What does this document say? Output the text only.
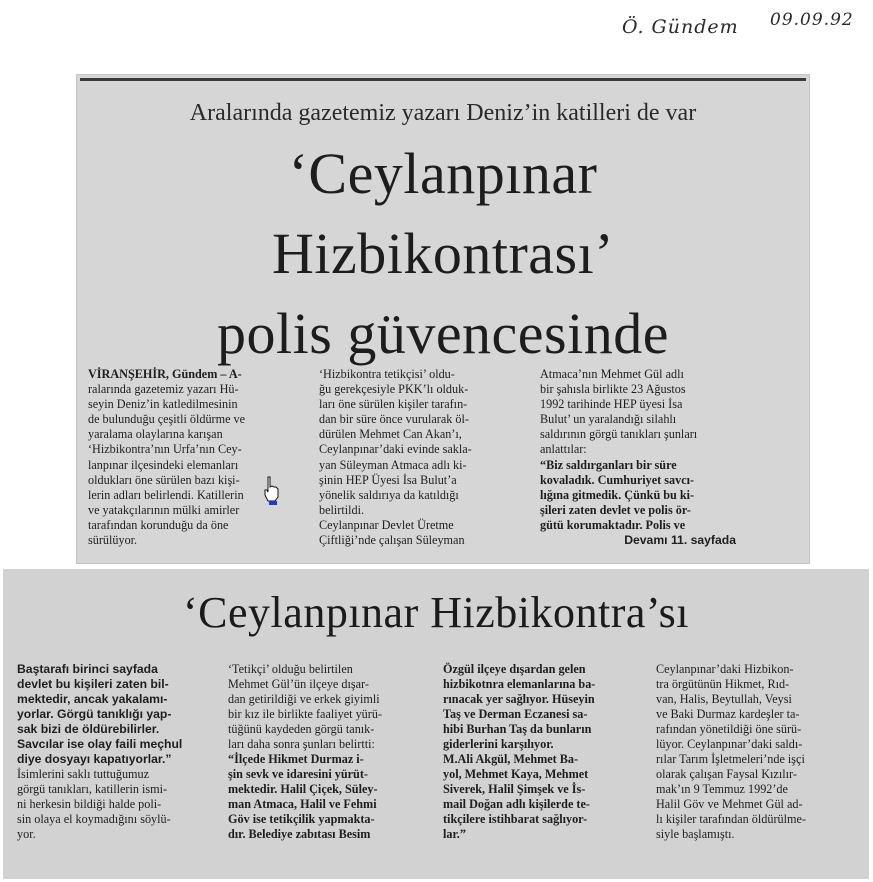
Ö. Gündem 09.09.92
Aralarında gazetemiz yazarı Deniz’in katilleri de var
‘Ceylanpınar
Hizbikontrası’
polis güvencesinde
VİRANŞEHİR, Gündem – A-
ralarında gazetemiz yazarı Hü-
seyin Deniz’in katledilmesinin
de bulunduğu çeşitli öldürme ve
yaralama olaylarına karışan
‘Hizbikontra’nın Urfa’nın Cey-
lanpınar ilçesindeki elemanları
oldukları öne sürülen bazı kişi-
lerin adları belirlendi. Katillerin
ve yatakçılarının mülki amirler
tarafından korunduğu da öne
sürülüyor.
‘Hizbikontra tetikçisi’ oldu-
ğu gerekçesiyle PKK’lı olduk-
ları öne sürülen kişiler tarafın-
dan bir süre önce vurularak öl-
dürülen Mehmet Can Akan’ı,
Ceylanpınar’daki evinde sakla-
yan Süleyman Atmaca adlı ki-
şinin HEP Üyesi İsa Bulut’a
yönelik saldırıya da katıldığı
belirtildi.
Ceylanpınar Devlet Üretme
Çiftliği’nde çalışan Süleyman
Atmaca’nın Mehmet Gül adlı
bir şahısla birlikte 23 Ağustos
1992 tarihinde HEP üyesi İsa
Bulut’ un yaralandığı silahlı
saldırının görgü tanıkları şunları
anlattılar:
“Biz saldırganları bir süre
kovaladık. Cumhuriyet savcı-
lığına gitmedik. Çünkü bu ki-
şileri zaten devlet ve polis ör-
gütü korumaktadır. Polis ve
Devamı 11. sayfada
‘Ceylanpınar Hizbikontra’sı
Baştarafı birinci sayfada
devlet bu kişileri zaten bil-
mektedir, ancak yakalamı-
yorlar. Görgü tanıklığı yap-
sak bizi de öldürebilirler.
Savcılar ise olay faili meçhul
diye dosyayı kapatıyorlar.”
İsimlerini saklı tuttuğumuz
görgü tanıkları, katillerin ismi-
ni herkesin bildiği halde poli-
sin olaya el koymadığını söylü-
yor.
‘Tetikçi’ olduğu belirtilen
Mehmet Gül’ün ilçeye dışar-
dan getirildiği ve erkek giyimli
bir kız ile birlikte faaliyet yürü-
tüğünü kaydeden görgü tanık-
ları daha sonra şunları belirtti:
“İlçede Hikmet Durmaz i-
şin sevk ve idaresini yürüt-
mektedir. Halil Çiçek, Süley-
man Atmaca, Halil ve Fehmi
Göv ise tetikçilik yapmakta-
dır. Belediye zabıtası Besim
Özgül ilçeye dışardan gelen
hizbikotnra elemanlarına ba-
rınacak yer sağlıyor. Hüseyin
Taş ve Derman Eczanesi sa-
hibi Burhan Taş da bunların
giderlerini karşılıyor.
M.Ali Akgül, Mehmet Ba-
yol, Mehmet Kaya, Mehmet
Siverek, Halil Şimşek ve İs-
mail Doğan adlı kişilerde te-
tikçilere istihbarat sağlıyor-
lar.”
Ceylanpınar’daki Hizbikon-
tra örgütünün Hikmet, Rıd-
van, Halis, Beytullah, Veysi
ve Baki Durmaz kardeşler ta-
rafından yönetildiği öne sürü-
lüyor. Ceylanpınar’daki saldı-
rılar Tarım İşletmeleri’nde işçi
olarak çalışan Faysal Kızılır-
mak’ın 9 Temmuz 1992’de
Halil Göv ve Mehmet Gül ad-
lı kişiler tarafından öldürülme-
siyle başlamıştı.
